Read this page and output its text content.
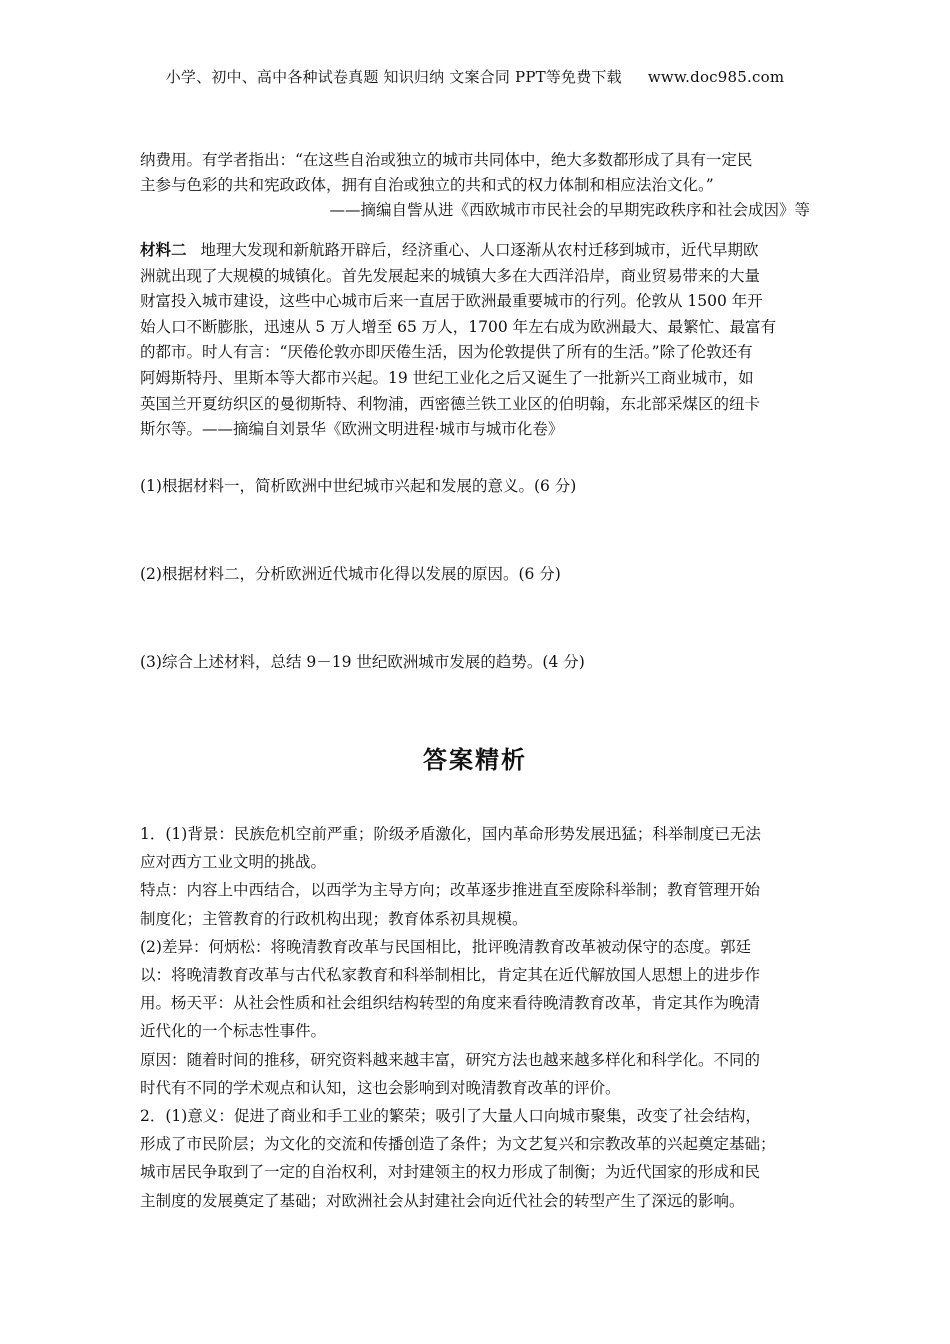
小学、初中、高中各种试卷真题 知识归纳 文案合同 PPT等免费下载 www.doc985.com

纳费用。有学者指出：“在这些自治或独立的城市共同体中，绝大多数都形成了具有一定民
主参与色彩的共和宪政政体，拥有自治或独立的共和式的权力体制和相应法治文化。”

——摘编自訾从进《西欧城市市民社会的早期宪政秩序和社会成因》等
材料二 地理大发现和新航路开辟后，经济重心、人口逐渐从农村迁移到城市，近代早期欧
洲就出现了大规模的城镇化。首先发展起来的城镇大多在大西洋沿岸，商业贸易带来的大量
财富投入城市建设，这些中心城市后来一直居于欧洲最重要城市的行列。伦敦从 1500 年开
始人口不断膨胀，迅速从 5 万人增至 65 万人，1700 年左右成为欧洲最大、最繁忙、最富有
的都市。时人有言：“厌倦伦敦亦即厌倦生活，因为伦敦提供了所有的生活。”除了伦敦还有
阿姆斯特丹、里斯本等大都市兴起。19 世纪工业化之后又诞生了一批新兴工商业城市，如
英国兰开夏纺织区的曼彻斯特、利物浦，西密德兰铁工业区的伯明翰，东北部采煤区的纽卡
斯尔等。——摘编自刘景华《欧洲文明进程·城市与城市化卷》
(1)根据材料一，简析欧洲中世纪城市兴起和发展的意义。(6 分)
(2)根据材料二，分析欧洲近代城市化得以发展的原因。(6 分)
(3)综合上述材料，总结 9－19 世纪欧洲城市发展的趋势。(4 分)
答案精析
1．(1)背景：民族危机空前严重；阶级矛盾激化，国内革命形势发展迅猛；科举制度已无法
应对西方工业文明的挑战。
特点：内容上中西结合，以西学为主导方向；改革逐步推进直至废除科举制；教育管理开始
制度化；主管教育的行政机构出现；教育体系初具规模。
(2)差异：何炳松：将晚清教育改革与民国相比，批评晚清教育改革被动保守的态度。郭廷
以：将晚清教育改革与古代私家教育和科举制相比，肯定其在近代解放国人思想上的进步作
用。杨天平：从社会性质和社会组织结构转型的角度来看待晚清教育改革，肯定其作为晚清
近代化的一个标志性事件。
原因：随着时间的推移，研究资料越来越丰富，研究方法也越来越多样化和科学化。不同的
时代有不同的学术观点和认知，这也会影响到对晚清教育改革的评价。
2．(1)意义：促进了商业和手工业的繁荣；吸引了大量人口向城市聚集，改变了社会结构，
形成了市民阶层；为文化的交流和传播创造了条件；为文艺复兴和宗教改革的兴起奠定基础；
城市居民争取到了一定的自治权利，对封建领主的权力形成了制衡；为近代国家的形成和民
主制度的发展奠定了基础；对欧洲社会从封建社会向近代社会的转型产生了深远的影响。
